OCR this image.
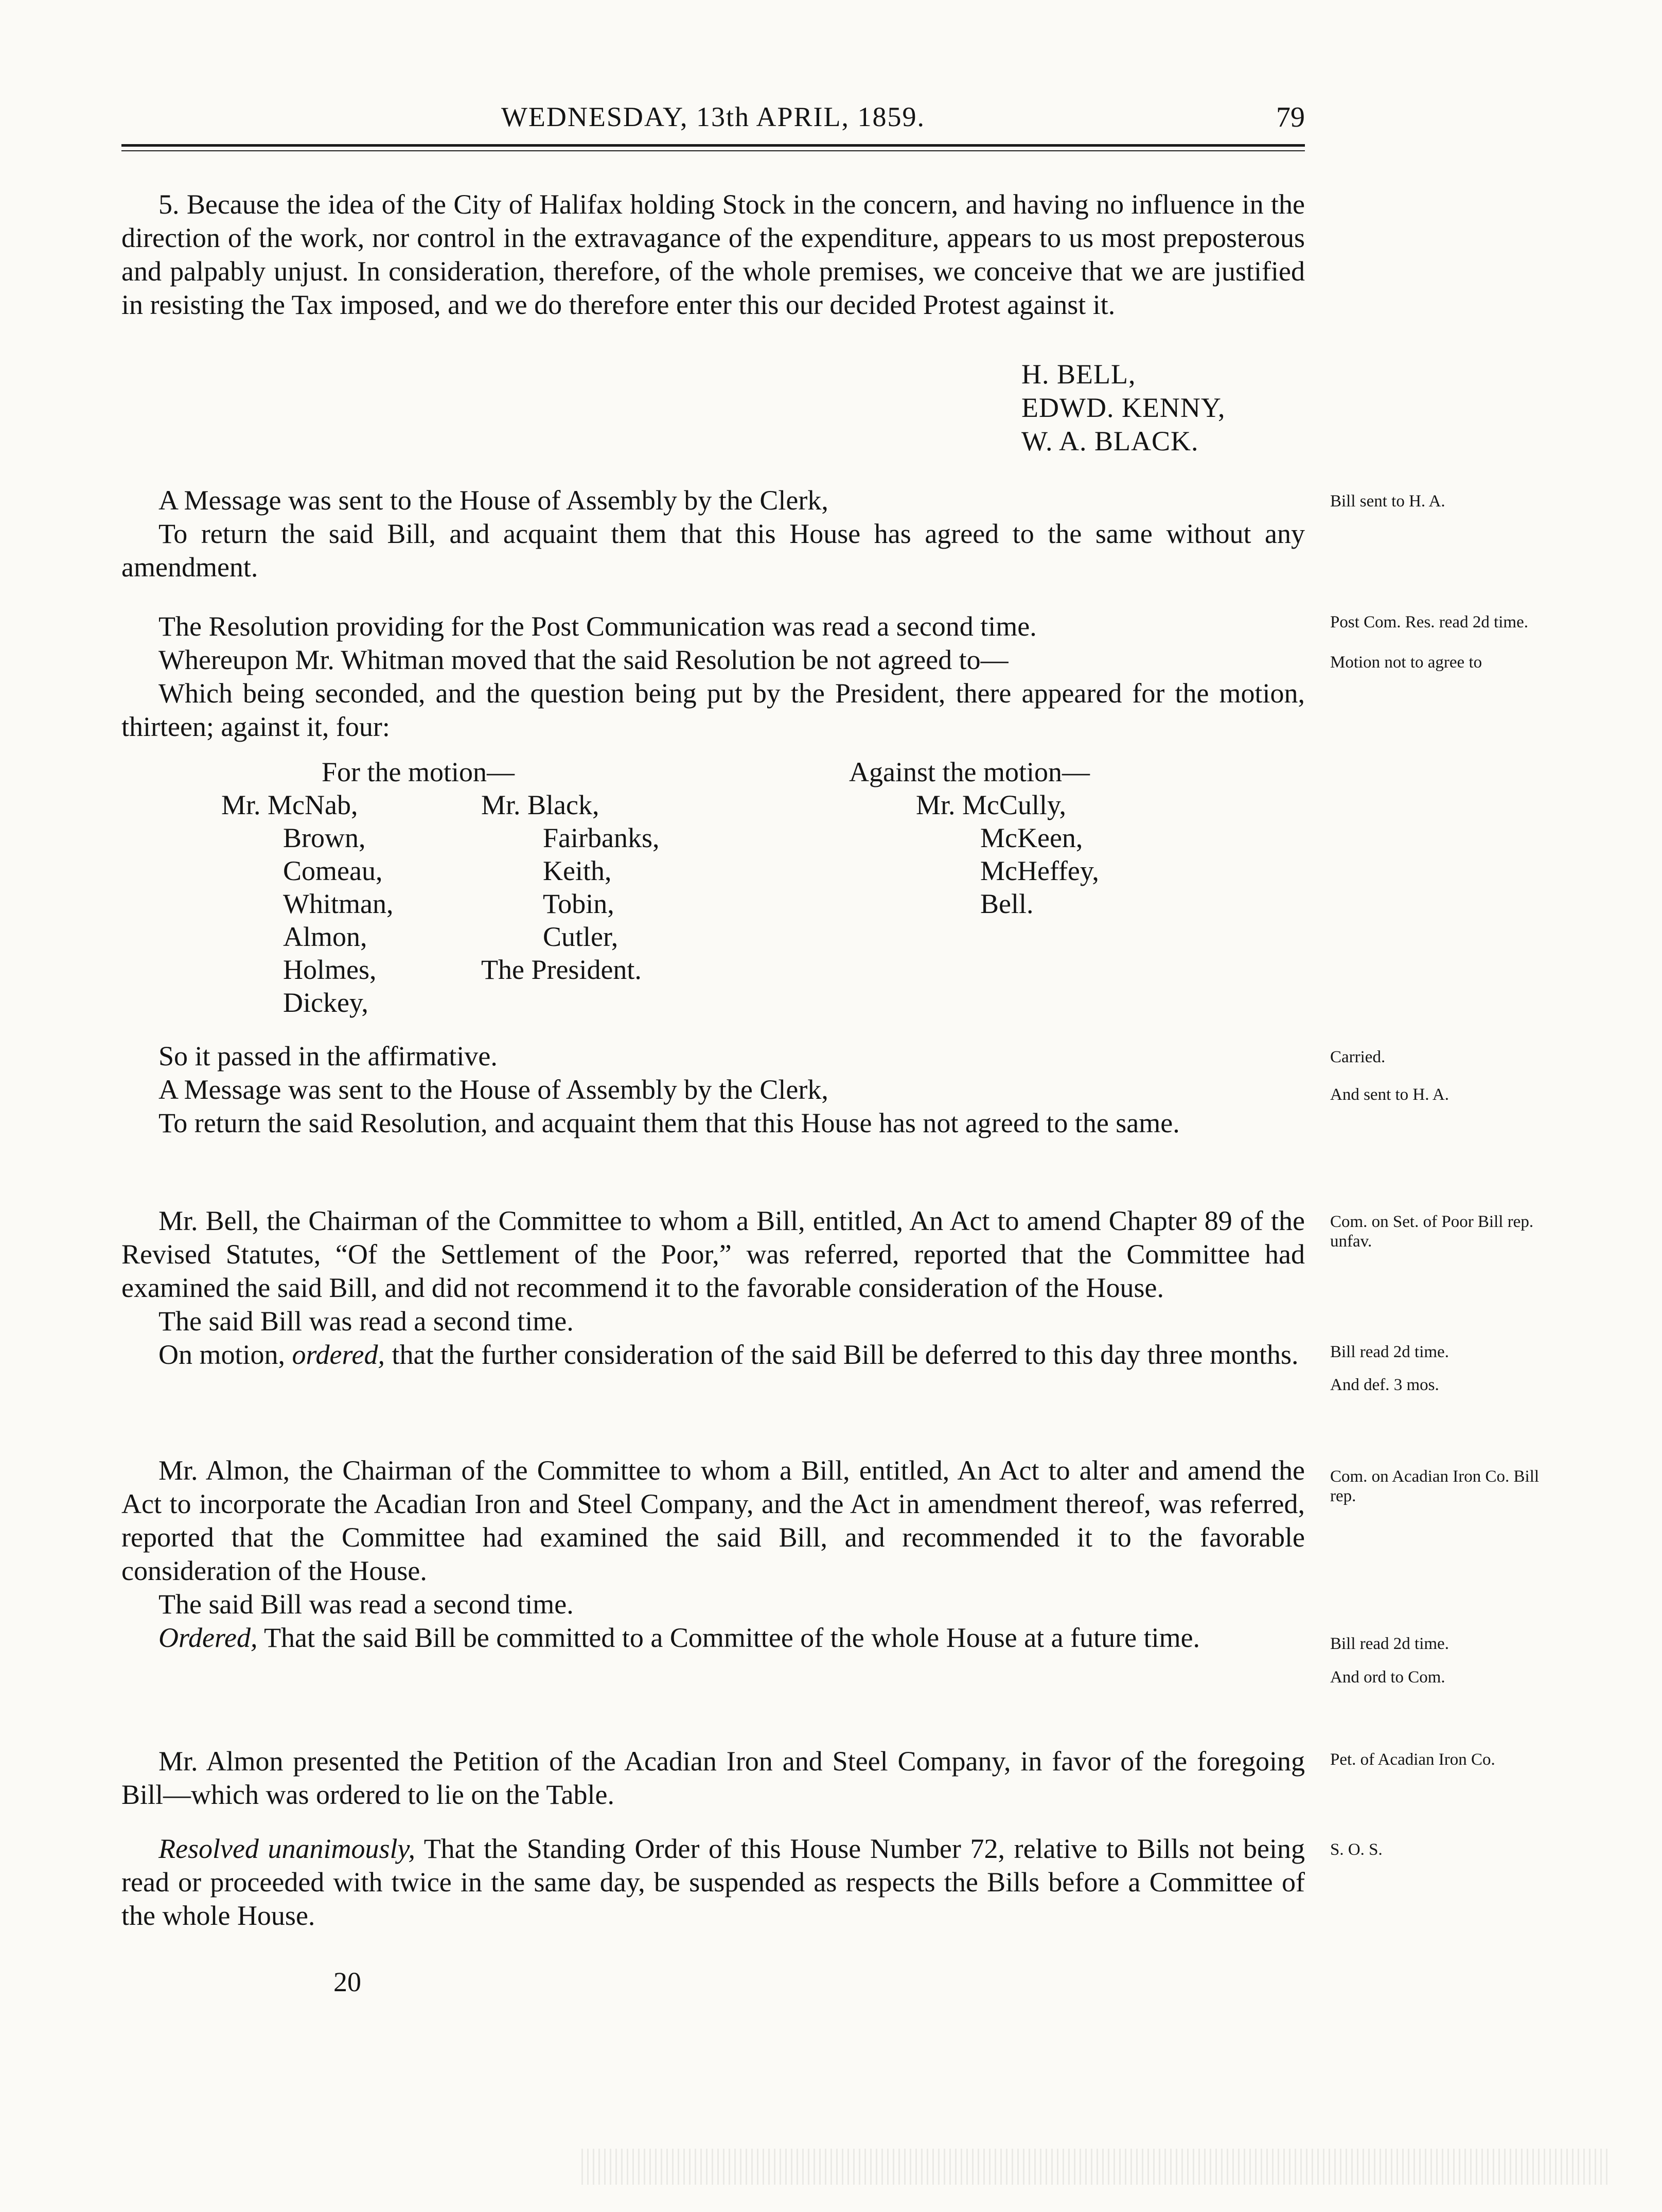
WEDNESDAY, 13th APRIL, 1859.	79

5. Because the idea of the City of Halifax holding Stock in the concern, and having no influence in the direction of the work, nor control in the extravagance of the expenditure, appears to us most preposterous and palpably unjust. In consideration, therefore, of the whole premises, we conceive that we are justified in resisting the Tax imposed, and we do therefore enter this our decided Protest against it.

H. BELL,
EDWD. KENNY,
W. A. BLACK.

A Message was sent to the House of Assembly by the Clerk,

To return the said Bill, and acquaint them that this House has agreed to the same without any amendment.

Bill sent to H. A.

The Resolution providing for the Post Communication was read a second time.

Whereupon Mr. Whitman moved that the said Resolution be not agreed to—

Which being seconded, and the question being put by the President, there appeared for the motion, thirteen; against it, four:

Post Com. Res. read 2d time.
Motion not to agree to
For the motion—	Against the motion—
Mr. McNab,
Brown,
Comeau,
Whitman,
Almon,
Holmes,
Dickey,
Mr. Black,
Fairbanks,
Keith,
Tobin,
Cutler,
The President.
Mr. McCully,
McKeen,
McHeffey,
Bell.

So it passed in the affirmative.

A Message was sent to the House of Assembly by the Clerk,

To return the said Resolution, and acquaint them that this House has not agreed to the same.

Carried.
And sent to H. A.

Mr. Bell, the Chairman of the Committee to whom a Bill, entitled, An Act to amend Chapter 89 of the Revised Statutes, “Of the Settlement of the Poor,” was referred, reported that the Committee had examined the said Bill, and did not recommend it to the favorable consideration of the House.

The said Bill was read a second time.

On motion, ordered, that the further consideration of the said Bill be deferred to this day three months.

Com. on Set. of Poor Bill rep. unfav.
Bill read 2d time.
And def. 3 mos.

Mr. Almon, the Chairman of the Committee to whom a Bill, entitled, An Act to alter and amend the Act to incorporate the Acadian Iron and Steel Company, and the Act in amendment thereof, was referred, reported that the Committee had examined the said Bill, and recommended it to the favorable consideration of the House.

The said Bill was read a second time.

Ordered, That the said Bill be committed to a Committee of the whole House at a future time.

Com. on Acadian Iron Co. Bill rep.
Bill read 2d time.
And ord to Com.

Mr. Almon presented the Petition of the Acadian Iron and Steel Company, in favor of the foregoing Bill—which was ordered to lie on the Table.

Pet. of Acadian Iron Co.

Resolved unanimously, That the Standing Order of this House Number 72, relative to Bills not being read or proceeded with twice in the same day, be suspended as respects the Bills before a Committee of the whole House.

S. O. S.
20
